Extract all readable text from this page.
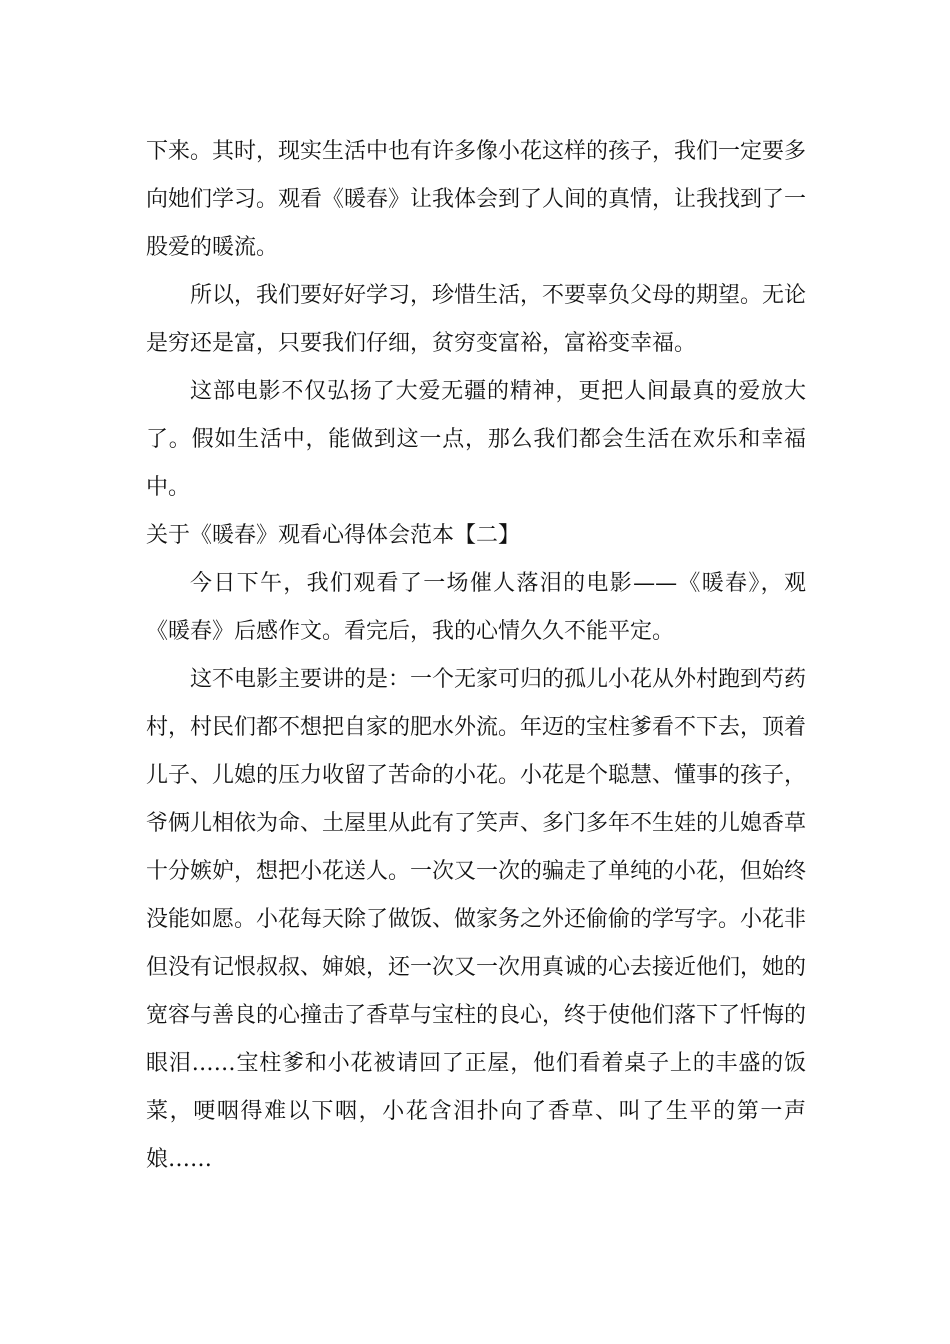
下来。其时，现实生活中也有许多像小花这样的孩子，我们一定要多向她们学习。观看《暖春》让我体会到了人间的真情，让我找到了一股爱的暖流。

所以，我们要好好学习，珍惜生活，不要辜负父母的期望。无论是穷还是富，只要我们仔细，贫穷变富裕，富裕变幸福。

这部电影不仅弘扬了大爱无疆的精神，更把人间最真的爱放大了。假如生活中，能做到这一点，那么我们都会生活在欢乐和幸福中。

关于《暖春》观看心得体会范本【二】

今日下午，我们观看了一场催人落泪的电影——《暖春》，观《暖春》后感作文。看完后，我的心情久久不能平定。

这不电影主要讲的是：一个无家可归的孤儿小花从外村跑到芍药村，村民们都不想把自家的肥水外流。年迈的宝柱爹看不下去，顶着儿子、儿媳的压力收留了苦命的小花。小花是个聪慧、懂事的孩子，爷俩儿相依为命、土屋里从此有了笑声、多门多年不生娃的儿媳香草十分嫉妒，想把小花送人。一次又一次的骗走了单纯的小花，但始终没能如愿。小花每天除了做饭、做家务之外还偷偷的学写字。小花非但没有记恨叔叔、婶娘，还一次又一次用真诚的心去接近他们，她的宽容与善良的心撞击了香草与宝柱的良心，终于使他们落下了忏悔的眼泪……宝柱爹和小花被请回了正屋，他们看着桌子上的丰盛的饭菜，哽咽得难以下咽，小花含泪扑向了香草、叫了生平的第一声娘……
